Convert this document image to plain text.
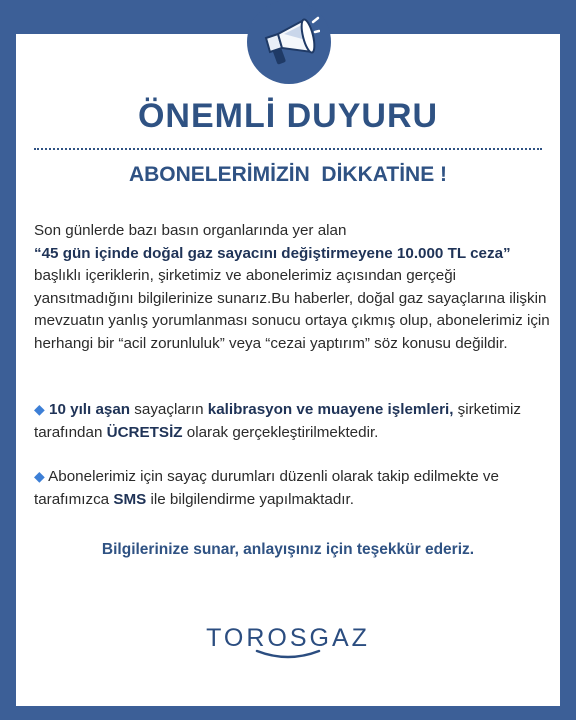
ÖNEMLİ DUYURU
ABONELERİMİZİN  DİKKATİNE !

Son günlerde bazı basın organlarında yer alan
“45 gün içinde doğal gaz sayacını değiştirmeyene 10.000 TL ceza”
başlıklı içeriklerin, şirketimiz ve abonelerimiz açısından gerçeği yansıtmadığını bilgilerinize sunarız.Bu haberler, doğal gaz sayaçlarına ilişkin mevzuatın yanlış yorumlanması sonucu ortaya çıkmış olup, abonelerimiz için herhangi bir “acil zorunluluk” veya “cezai yaptırım” söz konusu değildir.

◆ 10 yılı aşan sayaçların kalibrasyon ve muayene işlemleri, şirketimiz tarafından ÜCRETSİZ olarak gerçekleştirilmektedir.

◆ Abonelerimiz için sayaç durumları düzenli olarak takip edilmekte ve tarafımızca SMS ile bilgilendirme yapılmaktadır.

Bilgilerinize sunar, anlayışınız için teşekkür ederiz.
TOROSGAZ
